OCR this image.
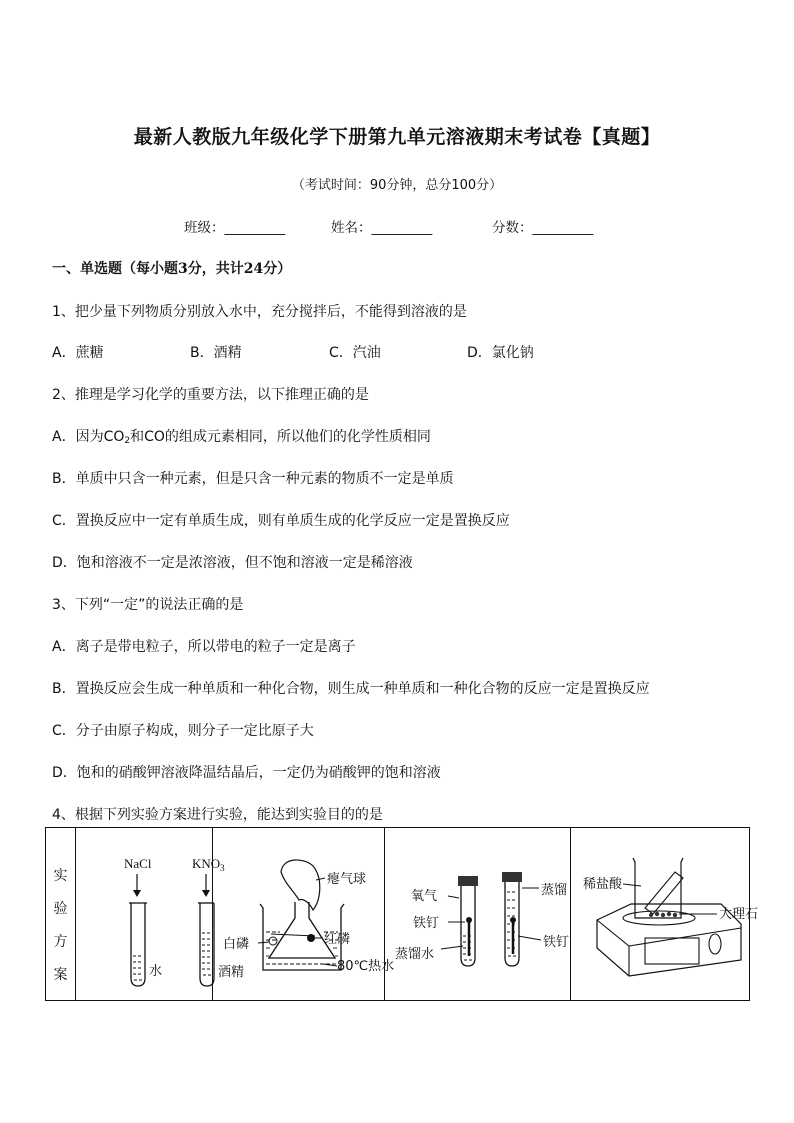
最新人教版九年级化学下册第九单元溶液期末考试卷【真题】
（考试时间：90分钟，总分100分）
班级：_________	姓名：_________	分数：_________
一、单选题（每小题3分，共计24分）
1、把少量下列物质分别放入水中，充分搅拌后，不能得到溶液的是
A．蔗糖	B．酒精	C．汽油	D．氯化钠
2、推理是学习化学的重要方法，以下推理正确的是
A．因为$CO_2$和CO的组成元素相同，所以他们的化学性质相同
B．单质中只含一种元素，但是只含一种元素的物质不一定是单质
C．置换反应中一定有单质生成，则有单质生成的化学反应一定是置换反应
D．饱和溶液不一定是浓溶液，但不饱和溶液一定是稀溶液
3、下列“一定”的说法正确的是
A．离子是带电粒子，所以带电的粒子一定是离子
B．置换反应会生成一种单质和一种化合物，则生成一种单质和一种化合物的反应一定是置换反应
C．分子由原子构成，则分子一定比原子大
D．饱和的硝酸钾溶液降温结晶后，一定仍为硝酸钾的饱和溶液
4、根据下列实验方案进行实验，能达到实验目的的是
实
验
方
案

NaCl	$KNO_3$
水	酒精

瘪气球
白磷	红磷
80℃热水

氧气
铁钉
蒸馏水
蒸馏
铁钉

稀盐酸
大理石
